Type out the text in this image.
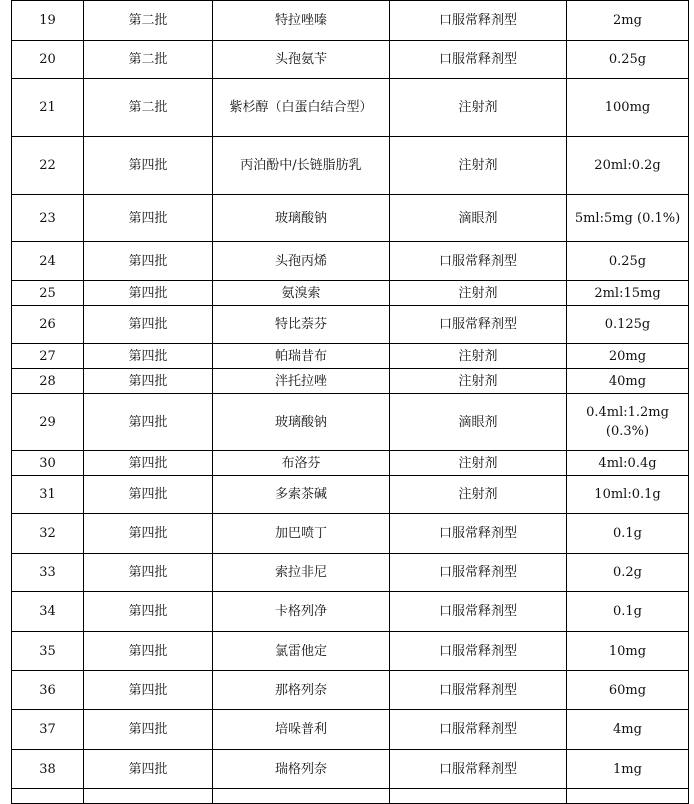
19	第二批	特拉唑嗪	口服常释剂型	2mg
20	第二批	头孢氨苄	口服常释剂型	0.25g
21	第二批	紫杉醇（白蛋白结合型）	注射剂	100mg
22	第四批	丙泊酚中/长链脂肪乳	注射剂	20ml:0.2g
23	第四批	玻璃酸钠	滴眼剂	5ml:5mg (0.1%)
24	第四批	头孢丙烯	口服常释剂型	0.25g
25	第四批	氨溴索	注射剂	2ml:15mg
26	第四批	特比萘芬	口服常释剂型	0.125g
27	第四批	帕瑞昔布	注射剂	20mg
28	第四批	泮托拉唑	注射剂	40mg
29	第四批	玻璃酸钠	滴眼剂	0.4ml:1.2mg (0.3%)
30	第四批	布洛芬	注射剂	4ml:0.4g
31	第四批	多索茶碱	注射剂	10ml:0.1g
32	第四批	加巴喷丁	口服常释剂型	0.1g
33	第四批	索拉非尼	口服常释剂型	0.2g
34	第四批	卡格列净	口服常释剂型	0.1g
35	第四批	氯雷他定	口服常释剂型	10mg
36	第四批	那格列奈	口服常释剂型	60mg
37	第四批	培哚普利	口服常释剂型	4mg
38	第四批	瑞格列奈	口服常释剂型	1mg
